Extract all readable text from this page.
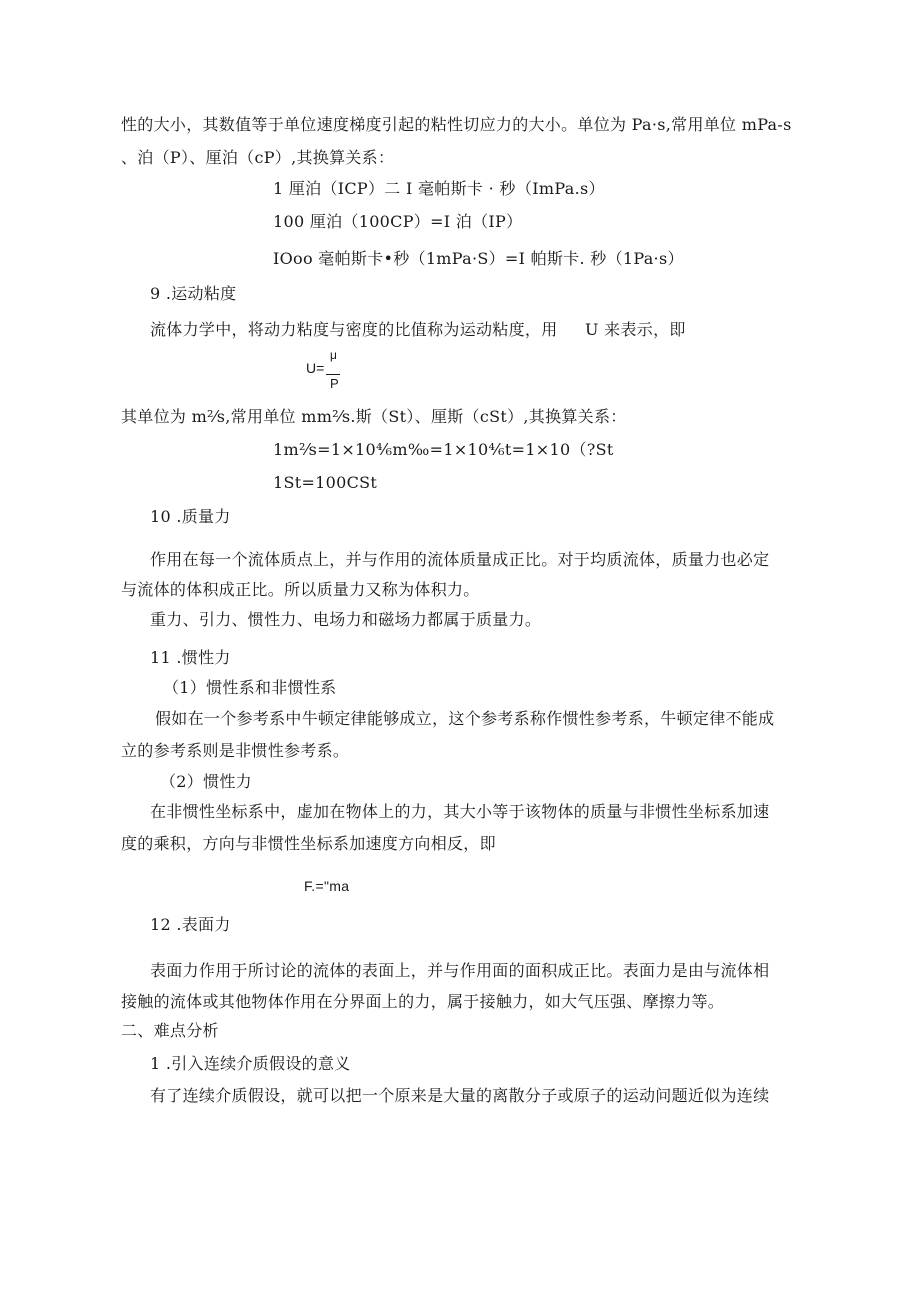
性的大小，其数值等于单位速度梯度引起的粘性切应力的大小。单位为 Pa·s,常用单位 mPa-s
、泊（P）、厘泊（cP）,其换算关系：
1 厘泊（ICP）二 I 毫帕斯卡 · 秒 （ImPa.s）
100 厘泊（100CP）=I 泊（IP）
IOoo 毫帕斯卡•秒（1mPa·S）=I 帕斯卡. 秒（1Pa·s）
9 .运动粘度
流体力学中，将动力粘度与密度的比值称为运动粘度，用 U 来表示，即
U=
μ
P
其单位为 m²⁄s,常用单位 mm²⁄s.斯（St）、厘斯（cSt）,其换算关系：
1m²⁄s=1×10⁴⁄₆m‰=1×10⁴⁄₆t=1×10（?St
1St=100CSt
10 .质量力
作用在每一个流体质点上，并与作用的流体质量成正比。对于均质流体，质量力也必定
与流体的体积成正比。所以质量力又称为体积力。
重力、引力、惯性力、电场力和磁场力都属于质量力。
11 .惯性力
（1）惯性系和非惯性系
假如在一个参考系中牛顿定律能够成立，这个参考系称作惯性参考系，牛顿定律不能成
立的参考系则是非惯性参考系。
（2）惯性力
在非惯性坐标系中，虚加在物体上的力，其大小等于该物体的质量与非惯性坐标系加速
度的乘积，方向与非惯性坐标系加速度方向相反，即
F.="ma
12 .表面力
表面力作用于所讨论的流体的表面上，并与作用面的面积成正比。表面力是由与流体相
接触的流体或其他物体作用在分界面上的力，属于接触力，如大气压强、摩擦力等。
二、难点分析
1 .引入连续介质假设的意义
有了连续介质假设，就可以把一个原来是大量的离散分子或原子的运动问题近似为连续
